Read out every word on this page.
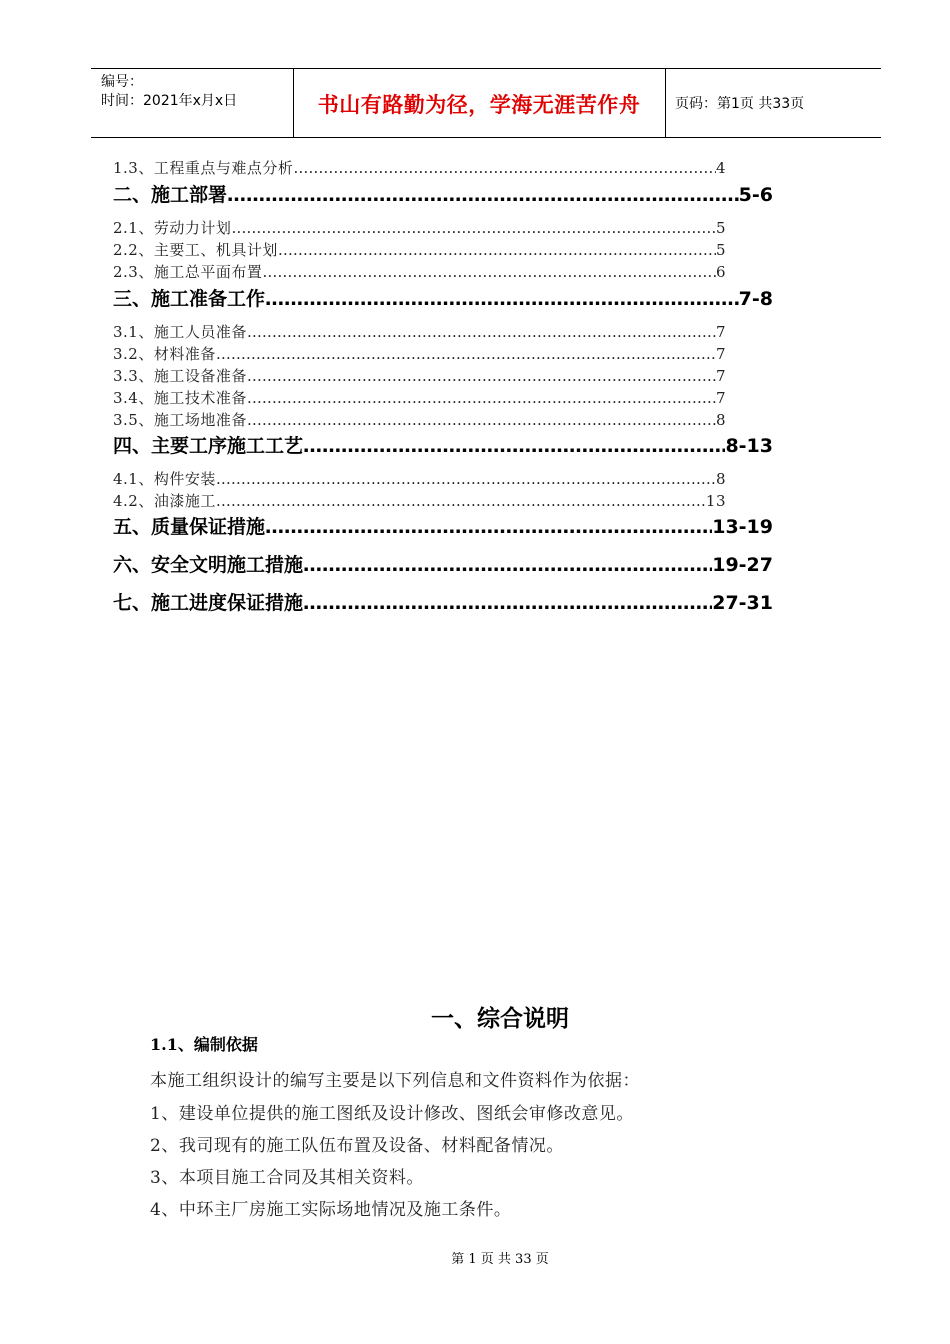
编号：
时间：2021年x月x日	书山有路勤为径，学海无涯苦作舟	页码：第1页 共33页
1.3、工程重点与难点分析 ……………………………………………………………………………………………………………………………………………………………………………………………………………	4
二、施工部署 ……………………………………………………………………………………………………………………………………………………………………………………………………………	5-6
2.1、劳动力计划 ……………………………………………………………………………………………………………………………………………………………………………………………………………	5
2.2、主要工、机具计划 ……………………………………………………………………………………………………………………………………………………………………………………………………………	5
2.3、施工总平面布置 ……………………………………………………………………………………………………………………………………………………………………………………………………………	6
三、施工准备工作 ……………………………………………………………………………………………………………………………………………………………………………………………………………	7-8
3.1、施工人员准备 ……………………………………………………………………………………………………………………………………………………………………………………………………………	7
3.2、材料准备 ……………………………………………………………………………………………………………………………………………………………………………………………………………	7
3.3、施工设备准备 ……………………………………………………………………………………………………………………………………………………………………………………………………………	7
3.4、施工技术准备 ……………………………………………………………………………………………………………………………………………………………………………………………………………	7
3.5、施工场地准备 ……………………………………………………………………………………………………………………………………………………………………………………………………………	8
四、主要工序施工工艺 ……………………………………………………………………………………………………………………………………………………………………………………………………………	8-13
4.1、构件安装 ……………………………………………………………………………………………………………………………………………………………………………………………………………	8
4.2、油漆施工 ……………………………………………………………………………………………………………………………………………………………………………………………………………	13
五、质量保证措施 ……………………………………………………………………………………………………………………………………………………………………………………………………………	13-19
六、安全文明施工措施 ……………………………………………………………………………………………………………………………………………………………………………………………………………	19-27
七、施工进度保证措施 ……………………………………………………………………………………………………………………………………………………………………………………………………………	27-31
一、综合说明
1.1、编制依据
本施工组织设计的编写主要是以下列信息和文件资料作为依据：
1、建设单位提供的施工图纸及设计修改、图纸会审修改意见。
2、我司现有的施工队伍布置及设备、材料配备情况。
3、本项目施工合同及其相关资料。
4、中环主厂房施工实际场地情况及施工条件。
第 1 页 共 33 页
